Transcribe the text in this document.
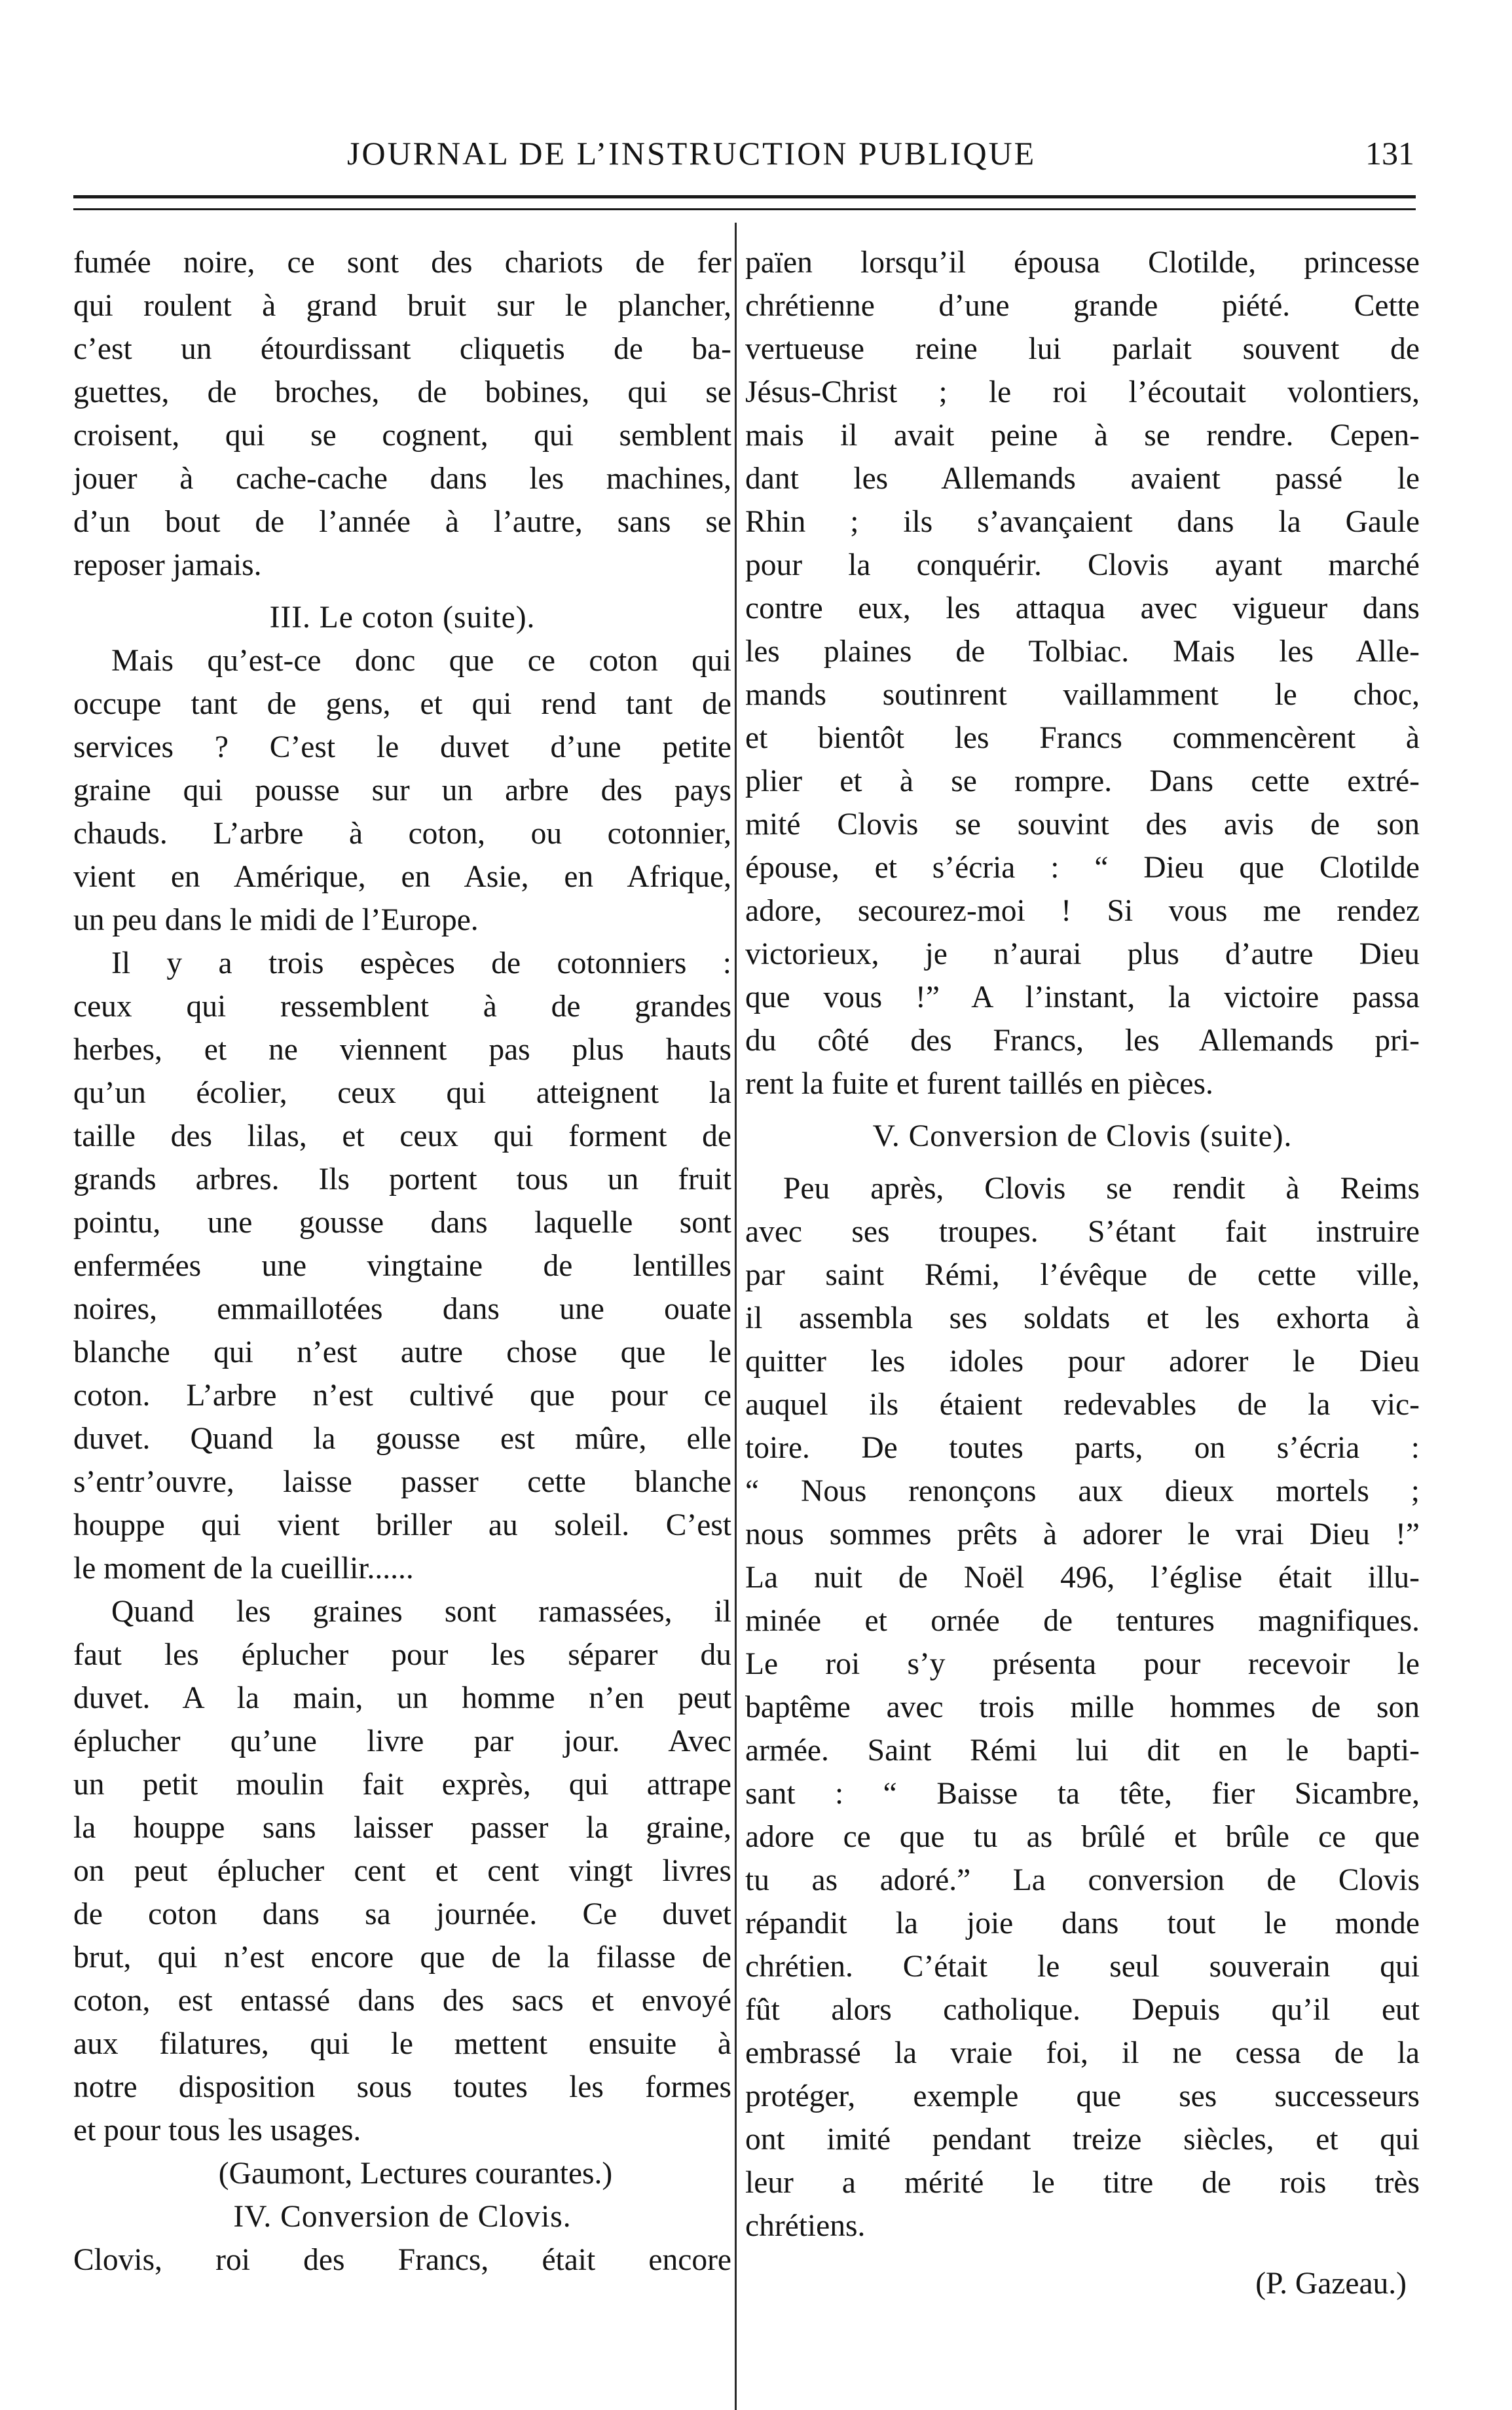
JOURNAL DE L’INSTRUCTION PUBLIQUE	131
fumée noire, ce sont des chariots de fer
qui roulent à grand bruit sur le plancher,
c’est un étourdissant cliquetis de ba-
guettes, de broches, de bobines, qui se
croisent, qui se cognent, qui semblent
jouer à cache-cache dans les machines,
d’un bout de l’année à l’autre, sans se
reposer jamais.
III. Le coton (suite).
Mais qu’est-ce donc que ce coton qui
occupe tant de gens, et qui rend tant de
services ? C’est le duvet d’une petite
graine qui pousse sur un arbre des pays
chauds. L’arbre à coton, ou cotonnier,
vient en Amérique, en Asie, en Afrique,
un peu dans le midi de l’Europe.
Il y a trois espèces de cotonniers :
ceux qui ressemblent à de grandes
herbes, et ne viennent pas plus hauts
qu’un écolier, ceux qui atteignent la
taille des lilas, et ceux qui forment de
grands arbres. Ils portent tous un fruit
pointu, une gousse dans laquelle sont
enfermées une vingtaine de lentilles
noires, emmaillotées dans une ouate
blanche qui n’est autre chose que le
coton. L’arbre n’est cultivé que pour ce
duvet. Quand la gousse est mûre, elle
s’entr’ouvre, laisse passer cette blanche
houppe qui vient briller au soleil. C’est
le moment de la cueillir......
Quand les graines sont ramassées, il
faut les éplucher pour les séparer du
duvet. A la main, un homme n’en peut
éplucher qu’une livre par jour. Avec
un petit moulin fait exprès, qui attrape
la houppe sans laisser passer la graine,
on peut éplucher cent et cent vingt livres
de coton dans sa journée. Ce duvet
brut, qui n’est encore que de la filasse de
coton, est entassé dans des sacs et envoyé
aux filatures, qui le mettent ensuite à
notre disposition sous toutes les formes
et pour tous les usages.
(Gaumont, Lectures courantes.)
IV. Conversion de Clovis.
Clovis, roi des Francs, était encore
païen lorsqu’il épousa Clotilde, princesse
chrétienne d’une grande piété. Cette
vertueuse reine lui parlait souvent de
Jésus-Christ ; le roi l’écoutait volontiers,
mais il avait peine à se rendre. Cepen-
dant les Allemands avaient passé le
Rhin ; ils s’avançaient dans la Gaule
pour la conquérir. Clovis ayant marché
contre eux, les attaqua avec vigueur dans
les plaines de Tolbiac. Mais les Alle-
mands soutinrent vaillamment le choc,
et bientôt les Francs commencèrent à
plier et à se rompre. Dans cette extré-
mité Clovis se souvint des avis de son
épouse, et s’écria : “ Dieu que Clotilde
adore, secourez-moi ! Si vous me rendez
victorieux, je n’aurai plus d’autre Dieu
que vous !” A l’instant, la victoire passa
du côté des Francs, les Allemands pri-
rent la fuite et furent taillés en pièces.
V. Conversion de Clovis (suite).
Peu après, Clovis se rendit à Reims
avec ses troupes. S’étant fait instruire
par saint Rémi, l’évêque de cette ville,
il assembla ses soldats et les exhorta à
quitter les idoles pour adorer le Dieu
auquel ils étaient redevables de la vic-
toire. De toutes parts, on s’écria :
“ Nous renonçons aux dieux mortels ;
nous sommes prêts à adorer le vrai Dieu !”
La nuit de Noël 496, l’église était illu-
minée et ornée de tentures magnifiques.
Le roi s’y présenta pour recevoir le
baptême avec trois mille hommes de son
armée. Saint Rémi lui dit en le bapti-
sant : “ Baisse ta tête, fier Sicambre,
adore ce que tu as brûlé et brûle ce que
tu as adoré.” La conversion de Clovis
répandit la joie dans tout le monde
chrétien. C’était le seul souverain qui
fût alors catholique. Depuis qu’il eut
embrassé la vraie foi, il ne cessa de la
protéger, exemple que ses successeurs
ont imité pendant treize siècles, et qui
leur a mérité le titre de rois très
chrétiens.
(P. Gazeau.)
